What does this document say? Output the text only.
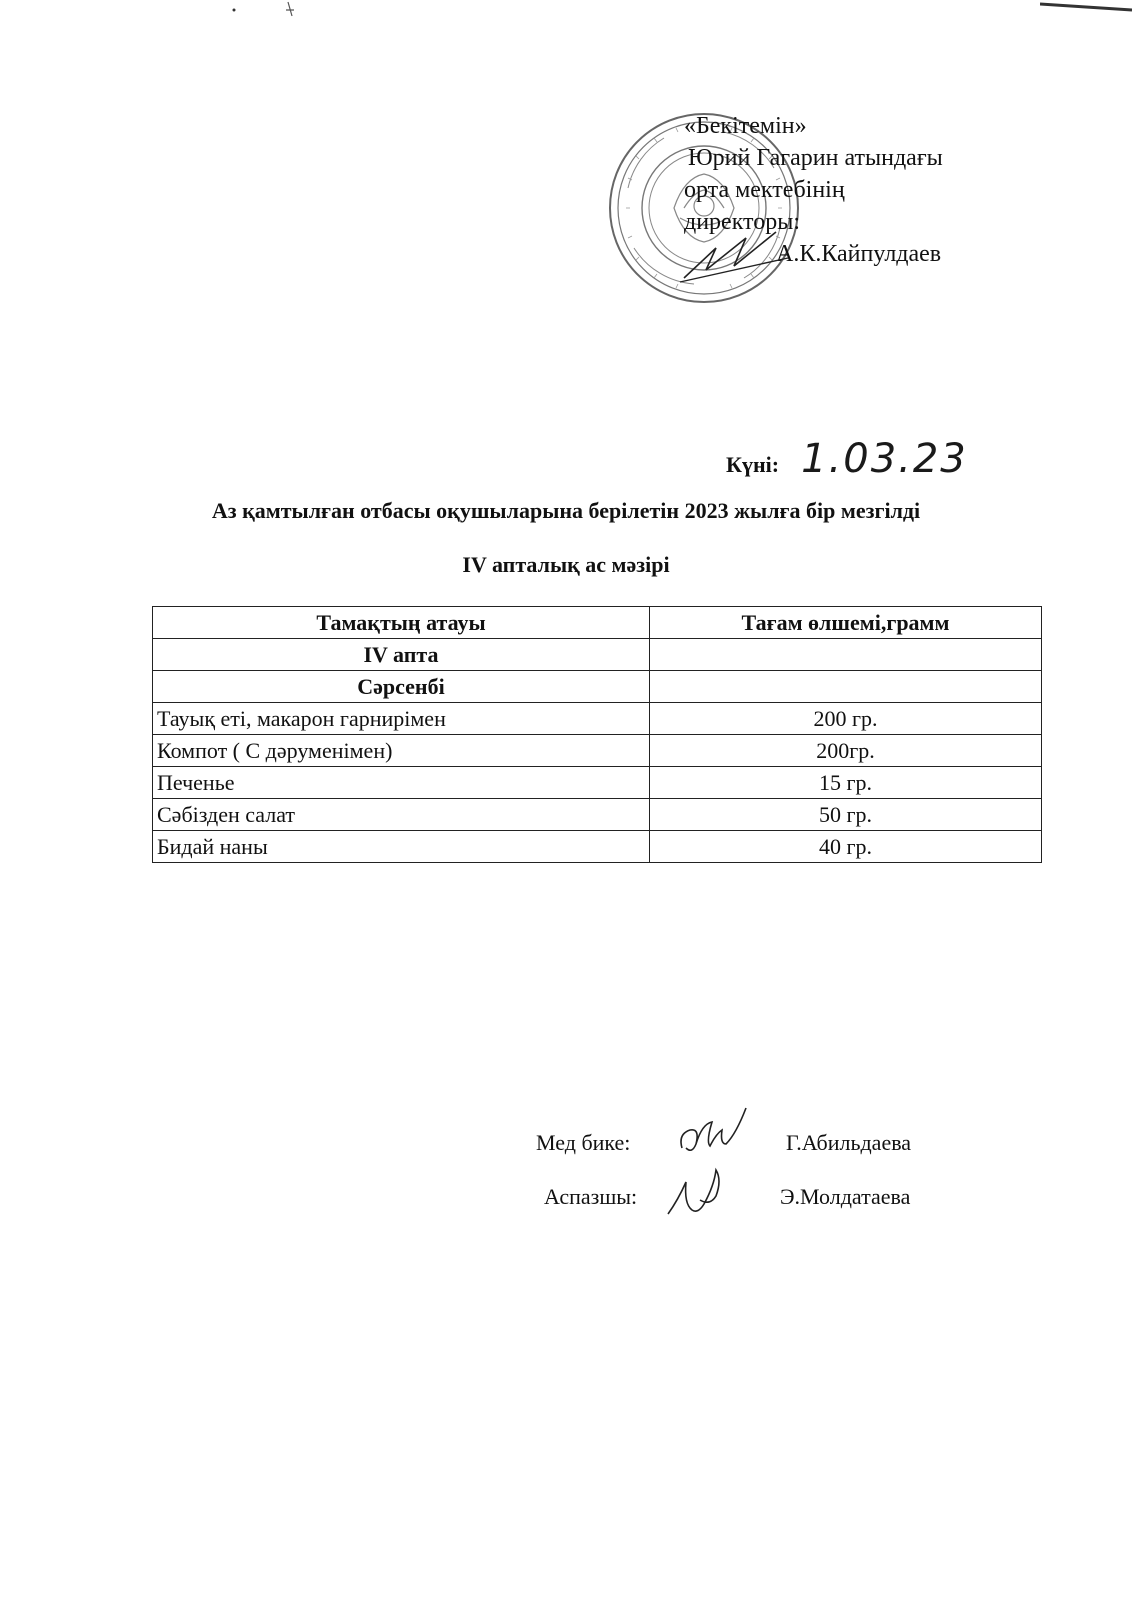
«Бекітемін»
Юрий Гагарин атындағы
орта мектебінің
директоры:
А.К.Кайпулдаев
Күні: 1.03.23
Аз қамтылған отбасы оқушыларына берілетін 2023 жылға бір мезгілді
IV апталық ас мәзірі
Тамақтың атауы	Тағам өлшемі,грамм
IV апта	
Сәрсенбі	
Тауық еті, макарон гарнирімен	200 гр.
Компот ( С дәруменімен)	200гр.
Печенье	15 гр.
Сәбізден салат	50 гр.
Бидай наны	40 гр.
Мед бике:	Г.Абильдаева
Аспазшы:	Э.Молдатаева
